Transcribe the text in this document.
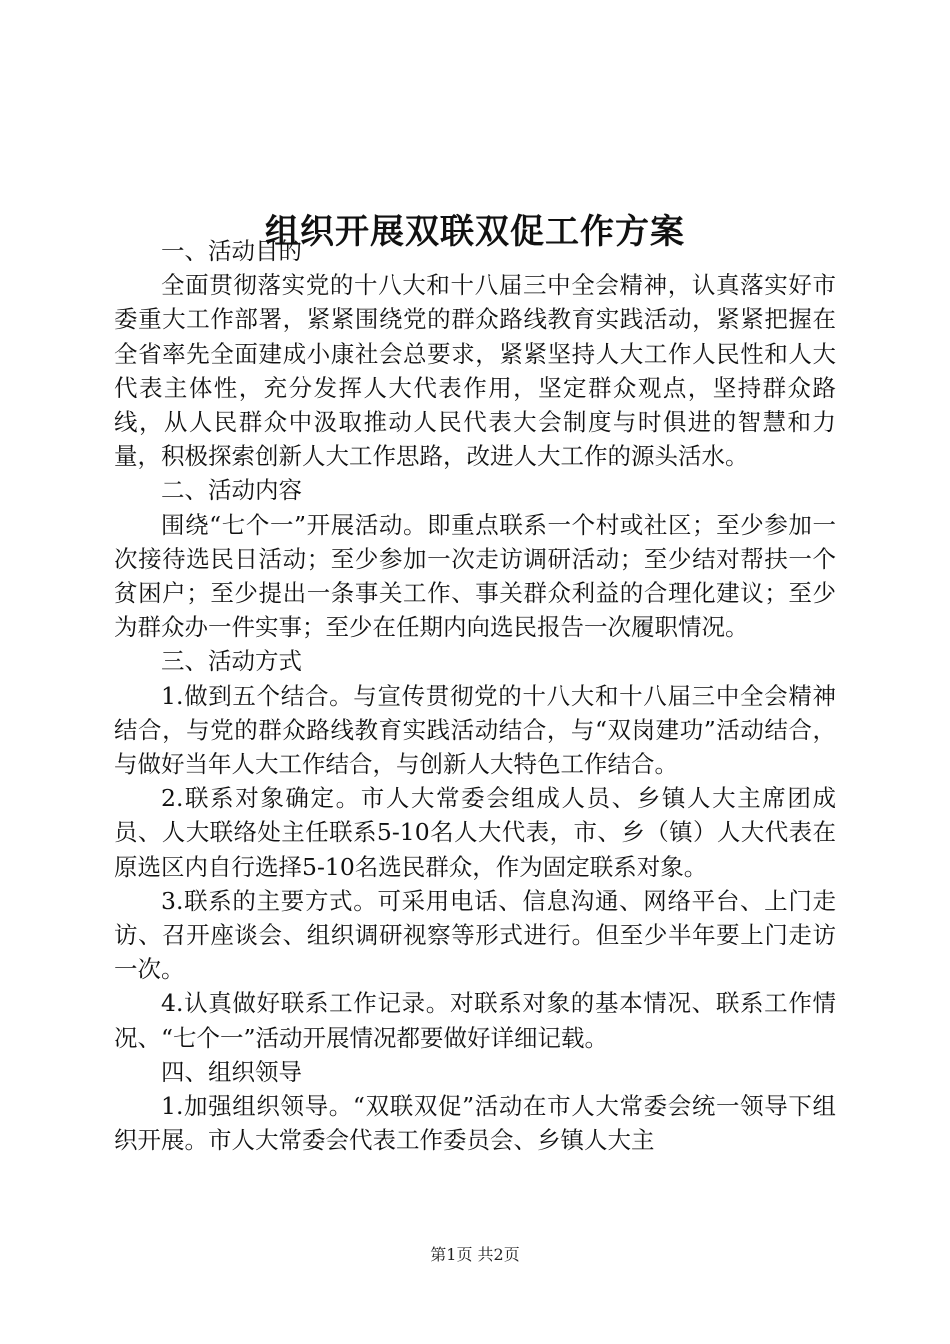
组织开展双联双促工作方案

一、活动目的

全面贯彻落实党的十八大和十八届三中全会精神，认真落实好市委重大工作部署，紧紧围绕党的群众路线教育实践活动，紧紧把握在全省率先全面建成小康社会总要求，紧紧坚持人大工作人民性和人大代表主体性，充分发挥人大代表作用，坚定群众观点，坚持群众路线，从人民群众中汲取推动人民代表大会制度与时俱进的智慧和力量，积极探索创新人大工作思路，改进人大工作的源头活水。

二、活动内容

围绕“七个一”开展活动。即重点联系一个村或社区；至少参加一次接待选民日活动；至少参加一次走访调研活动；至少结对帮扶一个贫困户；至少提出一条事关工作、事关群众利益的合理化建议；至少为群众办一件实事；至少在任期内向选民报告一次履职情况。

三、活动方式

1.做到五个结合。与宣传贯彻党的十八大和十八届三中全会精神结合，与党的群众路线教育实践活动结合，与“双岗建功”活动结合，与做好当年人大工作结合，与创新人大特色工作结合。

2.联系对象确定。市人大常委会组成人员、乡镇人大主席团成员、人大联络处主任联系5-10名人大代表，市、乡（镇）人大代表在原选区内自行选择5-10名选民群众，作为固定联系对象。

3.联系的主要方式。可采用电话、信息沟通、网络平台、上门走访、召开座谈会、组织调研视察等形式进行。但至少半年要上门走访一次。

4.认真做好联系工作记录。对联系对象的基本情况、联系工作情况、“七个一”活动开展情况都要做好详细记载。

四、组织领导

1.加强组织领导。“双联双促”活动在市人大常委会统一领导下组织开展。市人大常委会代表工作委员会、乡镇人大主

第1页 共2页
